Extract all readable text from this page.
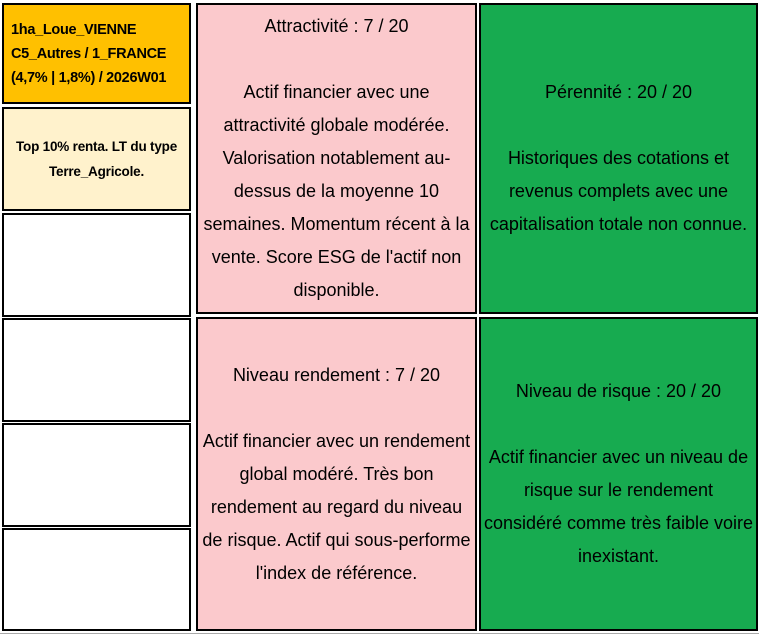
1ha_Loue_VIENNE
C5_Autres / 1_FRANCE
(4,7% | 1,8%) / 2026W01
Top 10% renta. LT du type
Terre_Agricole.
Attractivité : 7 / 20
Actif financier avec une attractivité globale modérée. Valorisation notablement au-dessus de la moyenne 10 semaines. Momentum récent à la vente. Score ESG de l'actif non disponible.
Niveau rendement : 7 / 20
Actif financier avec un rendement global modéré. Très bon rendement au regard du niveau de risque. Actif qui sous-performe l'index de référence.
Pérennité : 20 / 20
Historiques des cotations et revenus complets avec une capitalisation totale non connue.
Niveau de risque : 20 / 20
Actif financier avec un niveau de risque sur le rendement considéré comme très faible voire inexistant.
